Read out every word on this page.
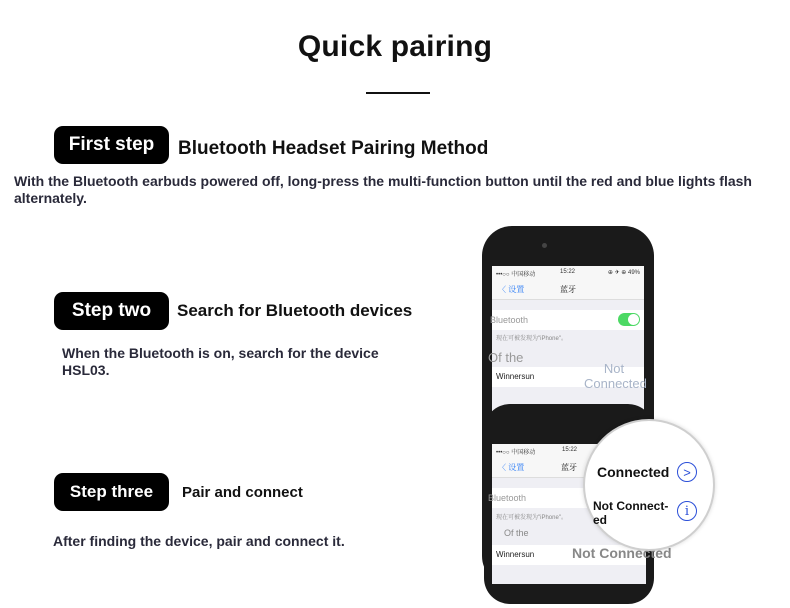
Quick pairing
First step	Bluetooth Headset Pairing Method
With the Bluetooth earbuds powered off, long-press the multi-function button until the red and blue lights flash alternately.
Step two	Search for Bluetooth devices
When the Bluetooth is on, search for the device HSL03.
Step three	Pair and connect
After finding the device, pair and connect it.
•••○○ 中国移动	15:22	⊕ ✈ ⊕ 49%
〈 设置	蓝牙
Bluetooth
现在可被发现为"iPhone"。
Of the
Winnersun
Not Connected
•••○○ 中国移动	15:22
〈 设置	蓝牙
Bluetooth
现在可被发现为"iPhone"。
Of the
Winnersun	Not Connected
Connected	>
Not Connect-ed
i
